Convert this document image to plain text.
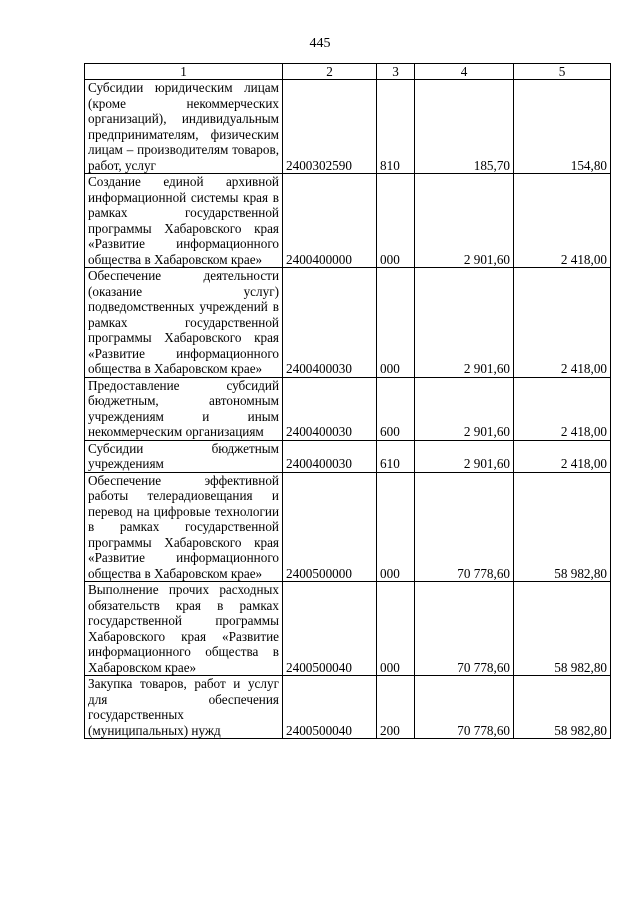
445
1	2	3	4	5
Субсидии юридическим лицам (кроме некоммерческих организаций), индивидуальным предпринимателям, физическим лицам – производителям товаров, работ, услуг	2400302590	810	185,70	154,80
Создание единой архивной информационной системы края в рамках государственной программы Хабаровского края «Развитие информационного общества в Хабаровском крае»	2400400000	000	2 901,60	2 418,00
Обеспечение деятельности (оказание услуг) подведомственных учреждений в рамках государственной программы Хабаровского края «Развитие информационного общества в Хабаровском крае»	2400400030	000	2 901,60	2 418,00
Предоставление субсидий бюджетным, автономным учреждениям и иным некоммерческим организациям	2400400030	600	2 901,60	2 418,00
Субсидии бюджетным учреждениям	2400400030	610	2 901,60	2 418,00
Обеспечение эффективной работы телерадиовещания и перевод на цифровые технологии в рамках государственной программы Хабаровского края «Развитие информационного общества в Хабаровском крае»	2400500000	000	70 778,60	58 982,80
Выполнение прочих расходных обязательств края в рамках государственной программы Хабаровского края «Развитие информационного общества в Хабаровском крае»	2400500040	000	70 778,60	58 982,80
Закупка товаров, работ и услуг для обеспечения государственных (муниципальных) нужд	2400500040	200	70 778,60	58 982,80
